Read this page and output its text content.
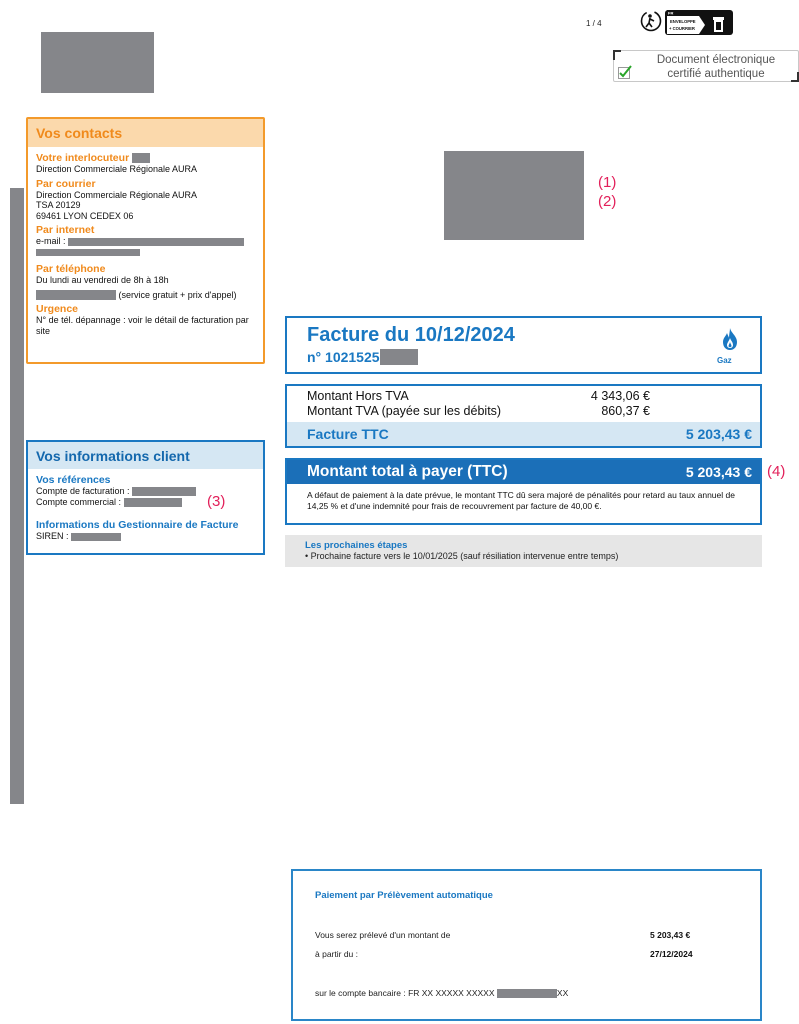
1 / 4
FR
ENVELOPPE
+ COURRIER
Document électronique
certifié authentique
(1)
(2)
Vos contacts
Votre interlocuteur
Direction Commerciale Régionale AURA
Par courrier
Direction Commerciale Régionale AURA
TSA 20129
69461 LYON CEDEX 06
Par internet
e-mail :
Par téléphone
Du lundi au vendredi de 8h à 18h
(service gratuit + prix d'appel)
Urgence
N° de tél. dépannage : voir le détail de facturation par site
Vos informations client
Vos références
Compte de facturation :
Compte commercial :
Informations du Gestionnaire de Facture
SIREN :
(3)
Facture du 10/12/2024
n° 1021525	Gaz
Montant Hors TVA	4 343,06 €
Montant TVA (payée sur les débits)	860,37 €
Facture TTC	5 203,43 €
Montant total à payer (TTC)	5 203,43 €
A défaut de paiement à la date prévue, le montant TTC dû sera majoré de pénalités pour retard au taux annuel de 14,25 % et d'une indemnité pour frais de recouvrement par facture de 40,00 €.
(4)
Les prochaines étapes
• Prochaine facture vers le 10/01/2025 (sauf résiliation intervenue entre temps)
Paiement par Prélèvement automatique
Vous serez prélevé d'un montant de	5 203,43 €
à partir du :	27/12/2024
sur le compte bancaire : FR XX XXXXX XXXXX	XX
